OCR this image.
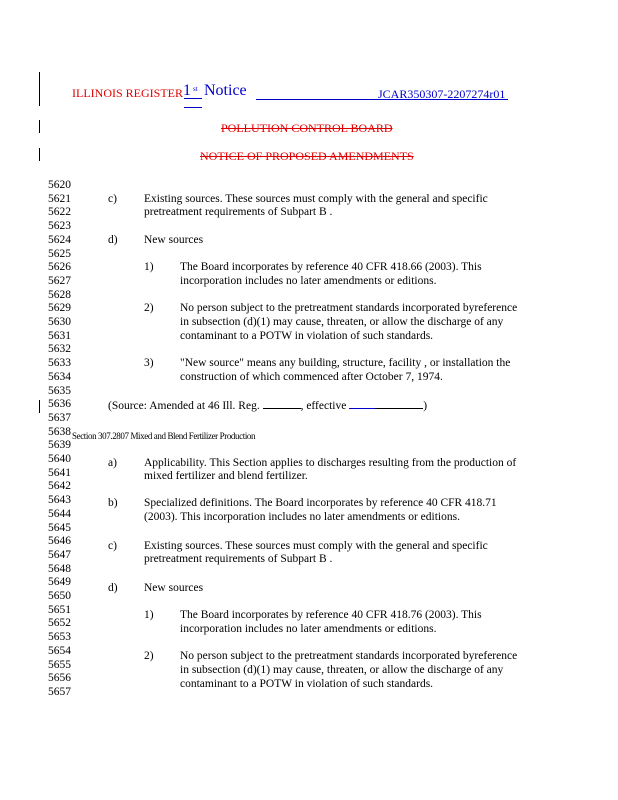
ILLINOIS REGISTER 1 st Notice	JCAR350307-2207274r01
POLLUTION CONTROL BOARD
NOTICE OF PROPOSED AMENDMENTS
5620
5621
5622
5623
5624
5625
5626
5627
5628
5629
5630
5631
5632
5633
5634
5635
5636
5637
5638
5639
5640
5641
5642
5643
5644
5645
5646
5647
5648
5649
5650
5651
5652
5653
5654
5655
5656
5657
c) Existing sources. These sources must comply with the general and specific
pretreatment requirements of Subpart B .
d) New sources
1) The Board incorporates by reference 40 CFR 418.66 (2003). This
incorporation includes no later amendments or editions.
2) No person subject to the pretreatment standards incorporated byreference
in subsection (d)(1) may cause, threaten, or allow the discharge of any
contaminant to a POTW in violation of such standards.
3) "New source" means any building, structure, facility , or installation the
construction of which commenced after October 7, 1974.
(Source: Amended at 46 Ill. Reg.	, effective	)
Section 307.2807 Mixed and Blend Fertilizer Production
a) Applicability. This Section applies to discharges resulting from the production of
mixed fertilizer and blend fertilizer.
b) Specialized definitions. The Board incorporates by reference 40 CFR 418.71
(2003). This incorporation includes no later amendments or editions.
c) Existing sources. These sources must comply with the general and specific
pretreatment requirements of Subpart B .
d) New sources
1) The Board incorporates by reference 40 CFR 418.76 (2003). This
incorporation includes no later amendments or editions.
2) No person subject to the pretreatment standards incorporated byreference
in subsection (d)(1) may cause, threaten, or allow the discharge of any
contaminant to a POTW in violation of such standards.
